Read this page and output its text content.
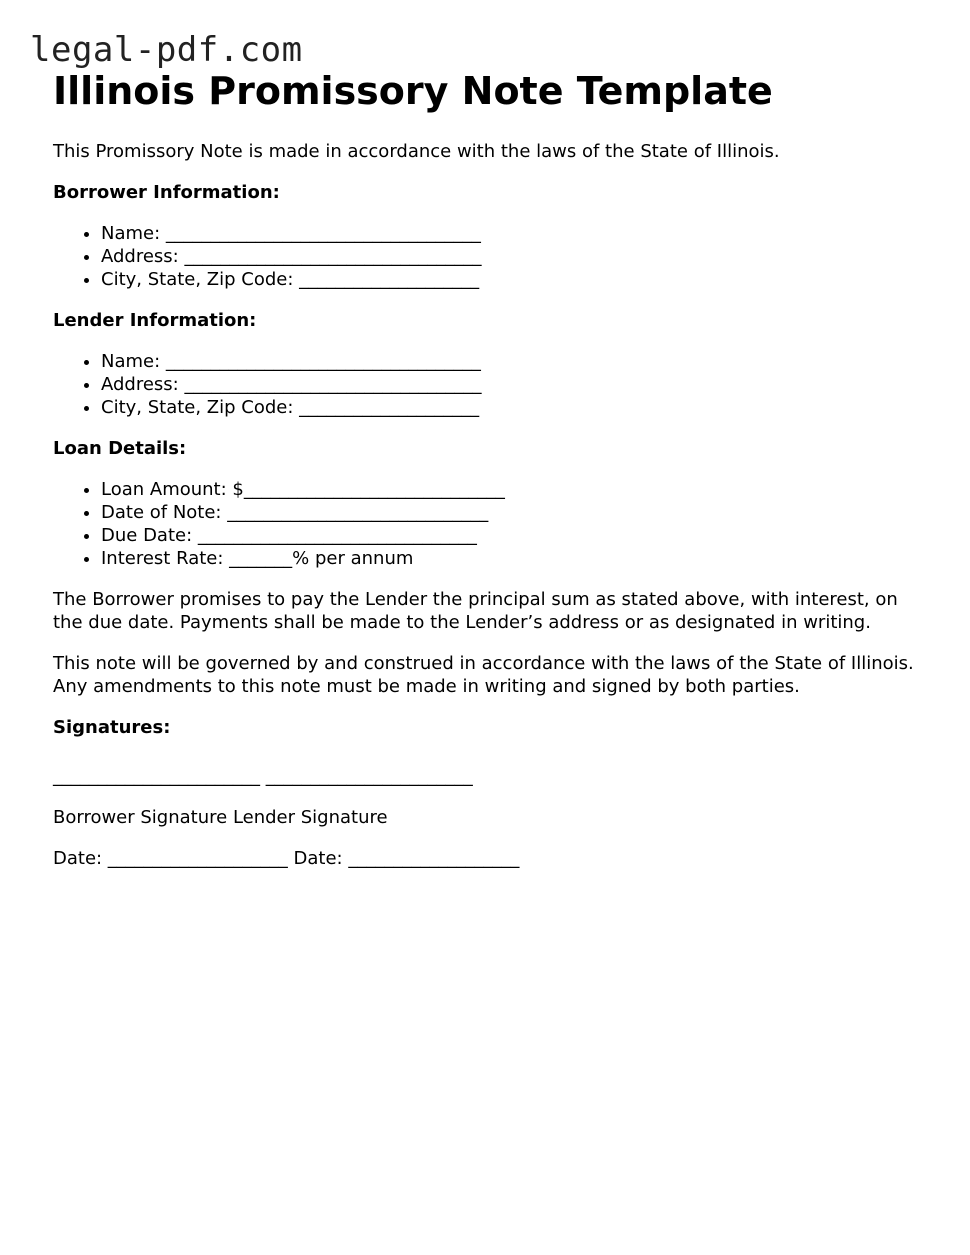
legal-pdf.com
Illinois Promissory Note Template

This Promissory Note is made in accordance with the laws of the State of Illinois.

Borrower Information:
• Name: ___________________________________
• Address: _________________________________
• City, State, Zip Code: ____________________
Lender Information:
• Name: ___________________________________
• Address: _________________________________
• City, State, Zip Code: ____________________
Loan Details:
• Loan Amount: $_____________________________
• Date of Note: _____________________________
• Due Date: _______________________________
• Interest Rate: _______% per annum

The Borrower promises to pay the Lender the principal sum as stated above, with interest, on the due date. Payments shall be made to the Lender’s address or as designated in writing.

This note will be governed by and construed in accordance with the laws of the State of Illinois. Any amendments to this note must be made in writing and signed by both parties.

Signatures:

_______________________ _______________________

Borrower Signature Lender Signature

Date: ____________________ Date: ___________________
